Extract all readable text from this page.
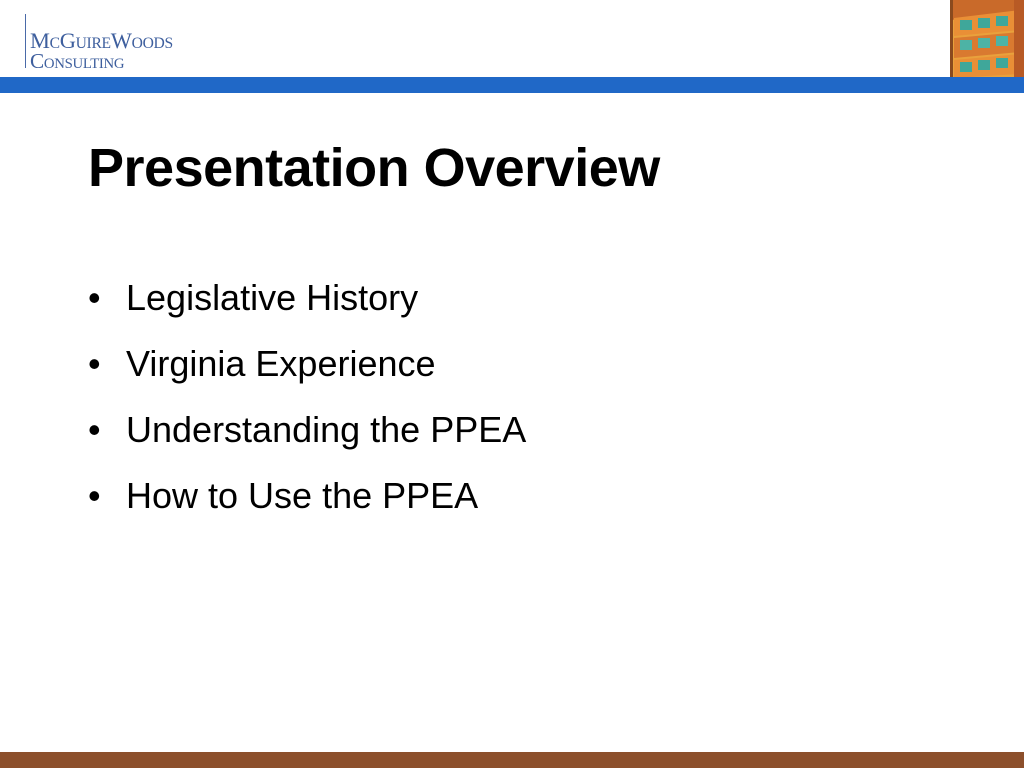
MCGUIREWOODS
CONSULTING
Presentation Overview
• Legislative History
• Virginia Experience
• Understanding the PPEA
• How to Use the PPEA
